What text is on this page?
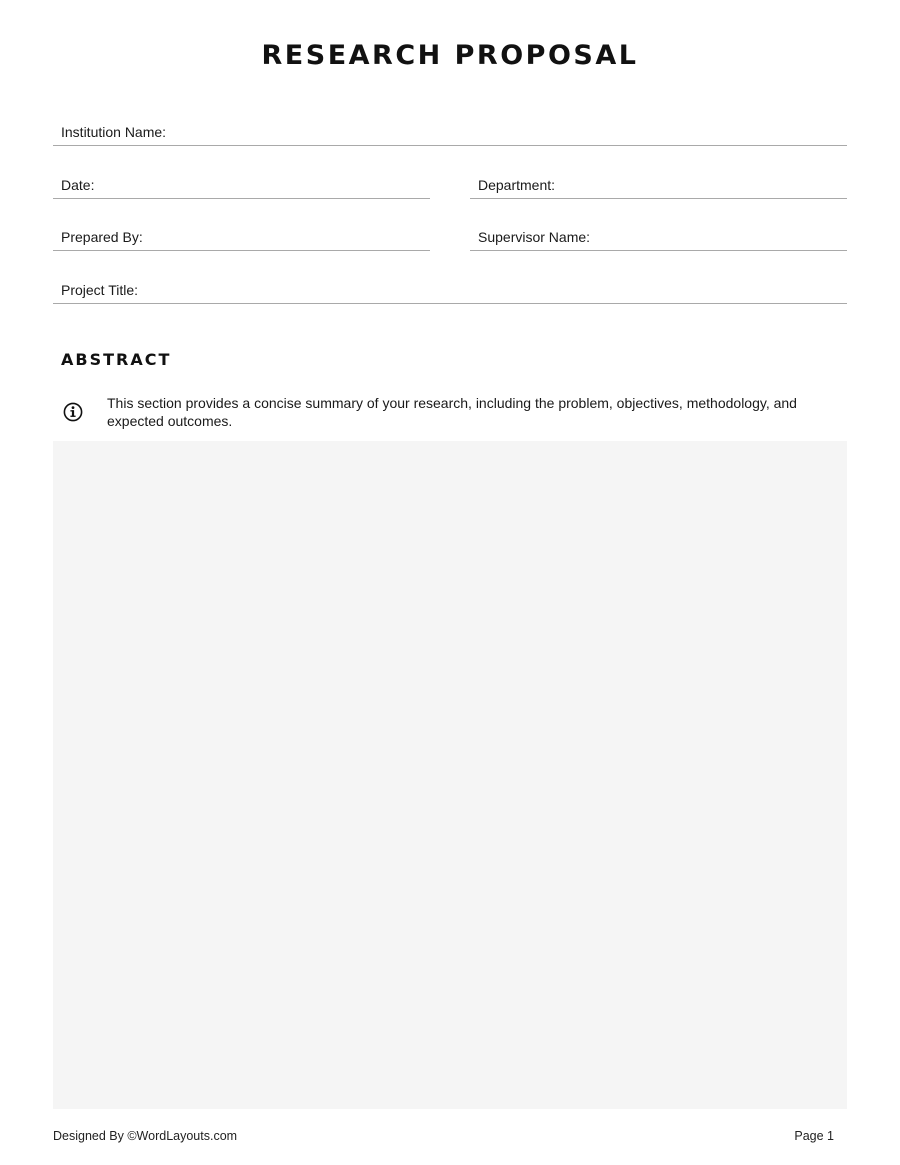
RESEARCH PROPOSAL
Institution Name:
Date:	Department:
Prepared By:	Supervisor Name:
Project Title:
ABSTRACT
This section provides a concise summary of your research, including the problem, objectives, methodology, and expected outcomes.
Designed By ©WordLayouts.com	Page 1
